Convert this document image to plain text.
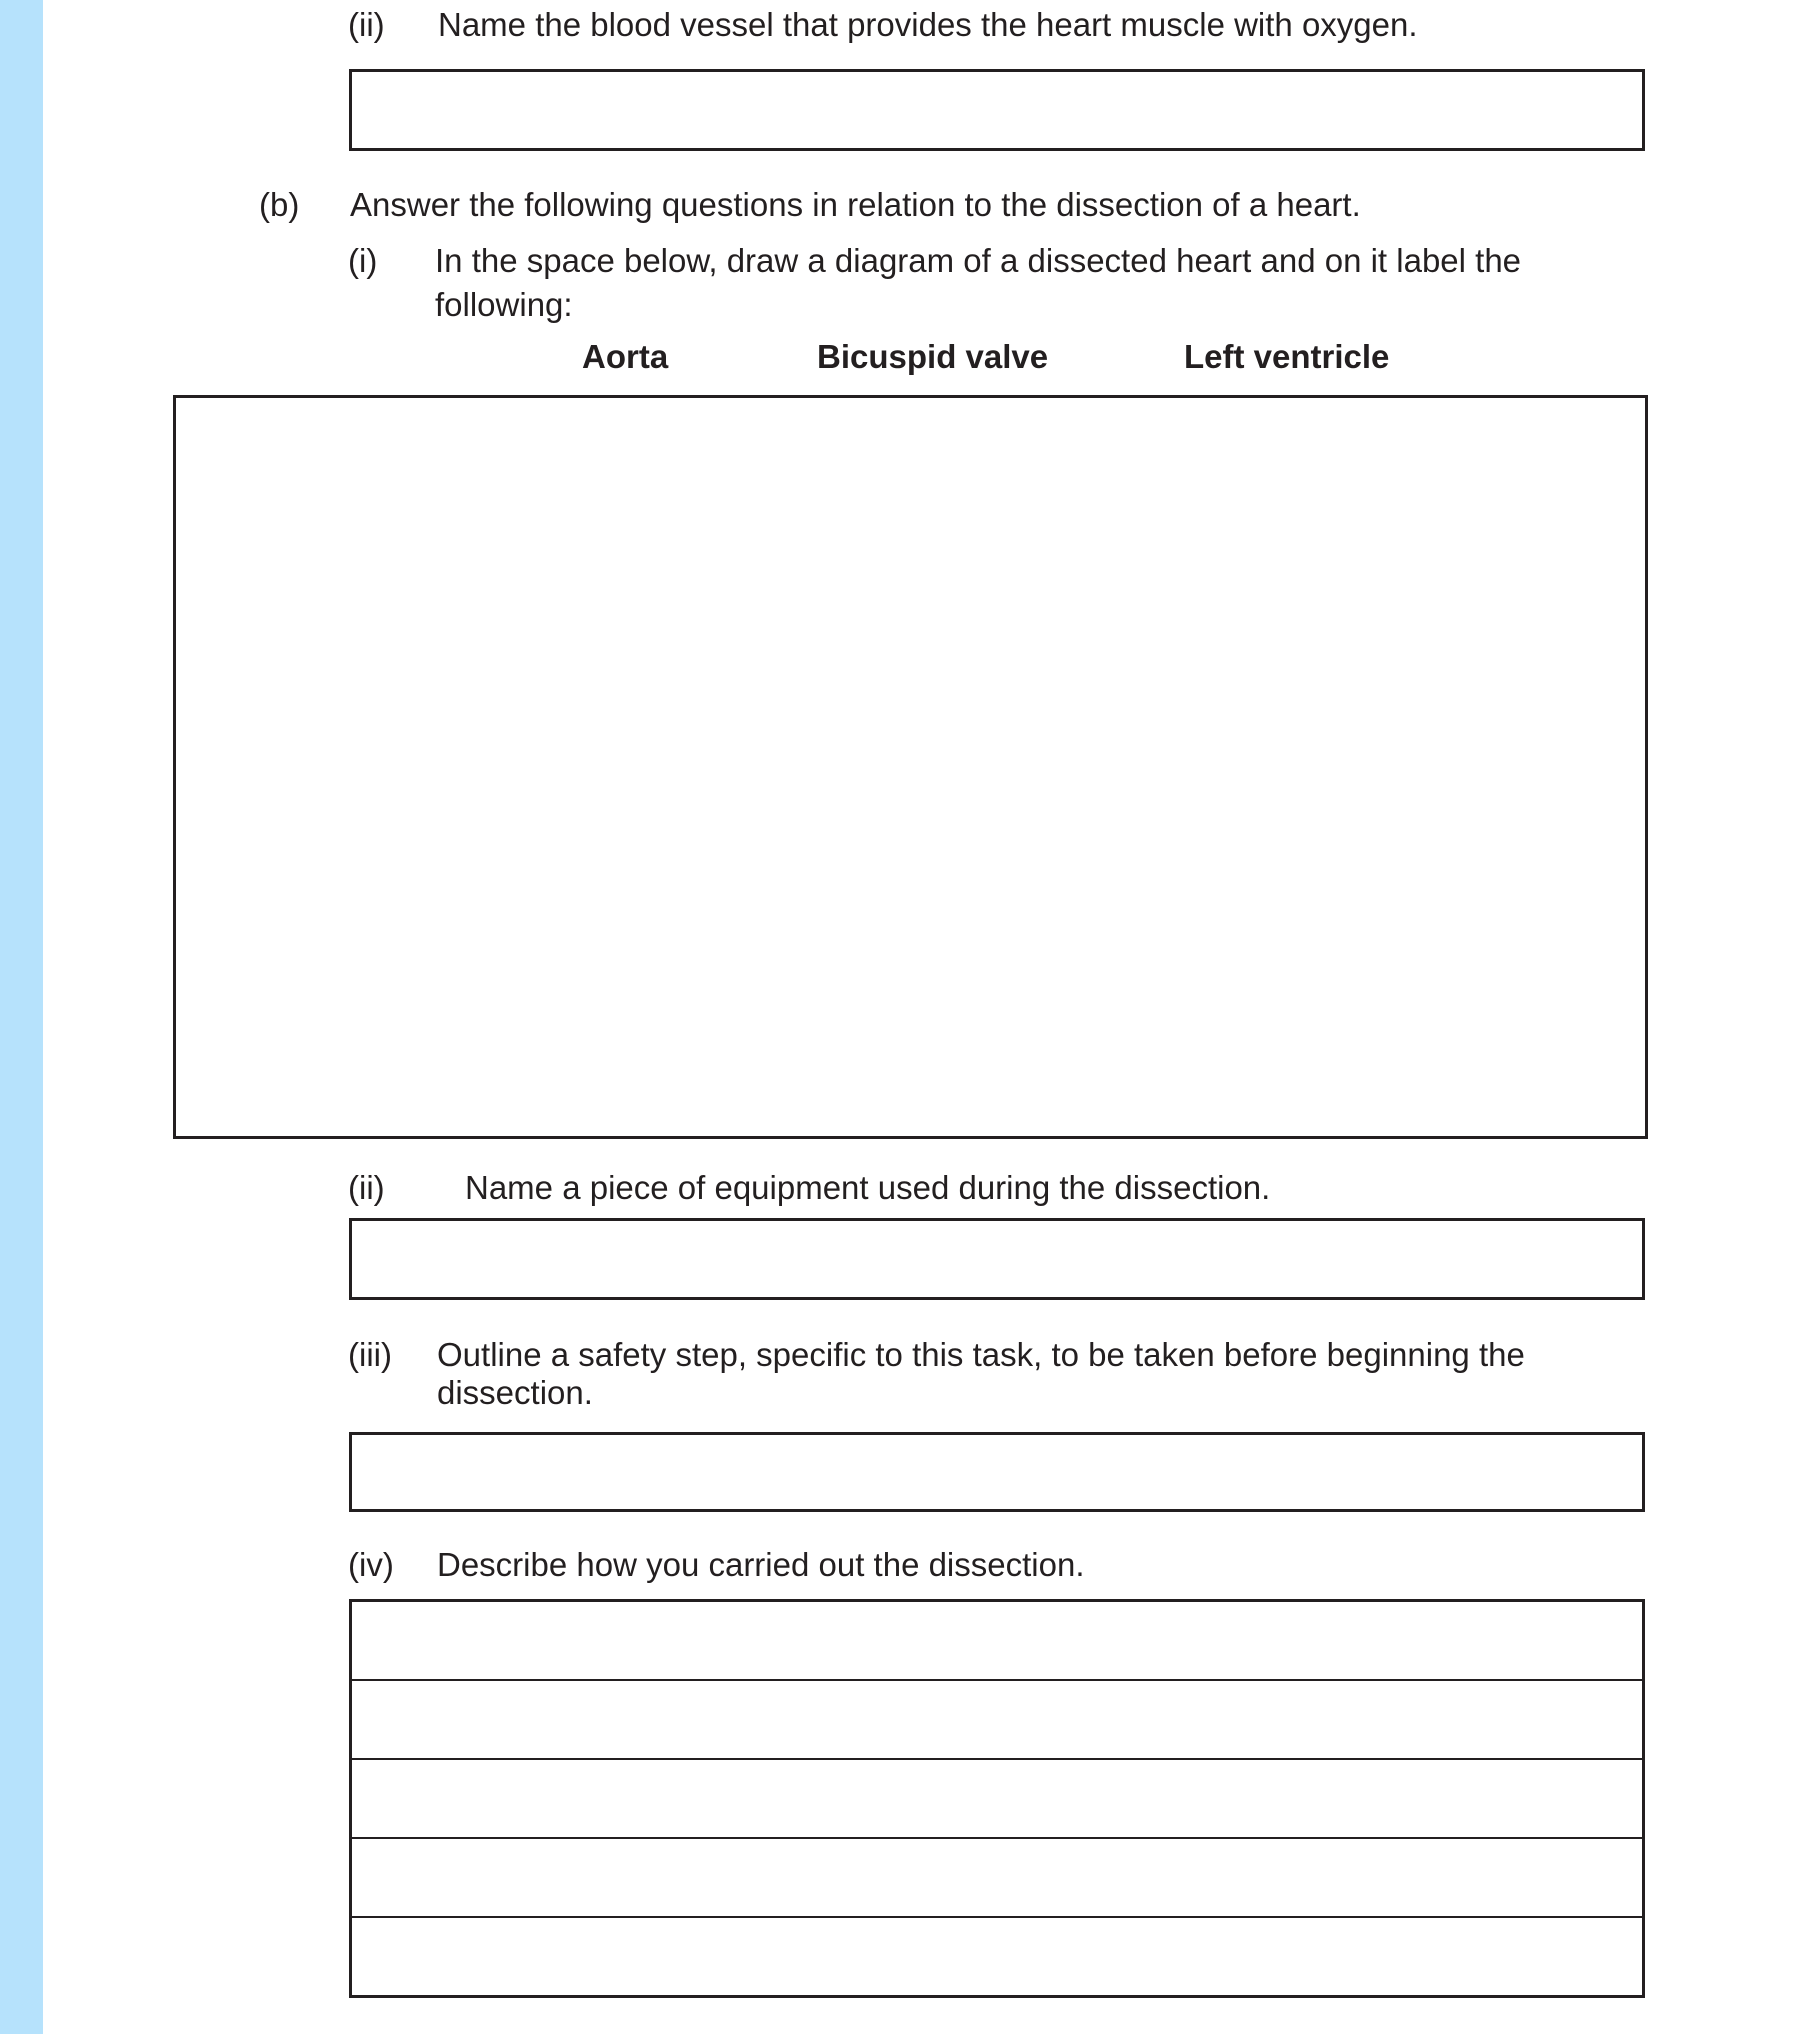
(ii) Name the blood vessel that provides the heart muscle with oxygen.
(b) Answer the following questions in relation to the dissection of a heart.
(i) In the space below, draw a diagram of a dissected heart and on it label the
following:
Aorta	Bicuspid valve	Left ventricle
(ii) Name a piece of equipment used during the dissection.
(iii) Outline a safety step, specific to this task, to be taken before beginning the
dissection.
(iv) Describe how you carried out the dissection.
